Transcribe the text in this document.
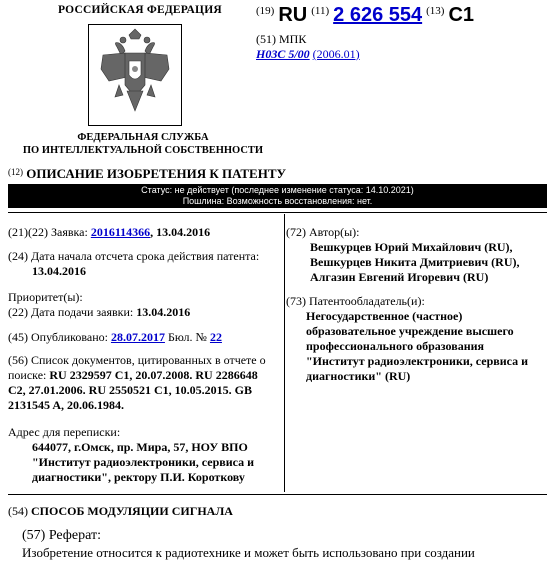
РОССИЙСКАЯ ФЕДЕРАЦИЯ
ФЕДЕРАЛЬНАЯ СЛУЖБА
ПО ИНТЕЛЛЕКТУАЛЬНОЙ СОБСТВЕННОСТИ
$^{(19)}$ RU $^{(11)}$ 2 626 554 $^{(13)}$ C1
(51) МПК
H03C 5/00 (2006.01)
$^{(12)}$ ОПИСАНИЕ ИЗОБРЕТЕНИЯ К ПАТЕНТУ
Статус: не действует (последнее изменение статуса: 14.10.2021)
Пошлина: Возможность восстановления: нет.
(21)(22) Заявка: 2016114366, 13.04.2016
(24) Дата начала отсчета срока действия патента:
13.04.2016
Приоритет(ы):
(22) Дата подачи заявки: 13.04.2016
(45) Опубликовано: 28.07.2017 Бюл. № 22
(56) Список документов, цитированных в отчете о поиске: RU 2329597 C1, 20.07.2008. RU 2286648 C2, 27.01.2006. RU 2550521 C1, 10.05.2015. GB 2131545 A, 20.06.1984.
Адрес для переписки:
644077, г.Омск, пр. Мира, 57, НОУ ВПО "Институт радиоэлектроники, сервиса и диагностики", ректору П.И. Короткову
(72) Автор(ы):
Вешкурцев Юрий Михайлович (RU),
Вешкурцев Никита Дмитриевич (RU),
Алгазин Евгений Игоревич (RU)
(73) Патентообладатель(и):
Негосударственное (частное) образовательное учреждение высшего профессионального образования "Институт радиоэлектроники, сервиса и диагностики" (RU)
(54) СПОСОБ МОДУЛЯЦИИ СИГНАЛА
(57) Реферат:
Изобретение относится к радиотехнике и может быть использовано при создании
